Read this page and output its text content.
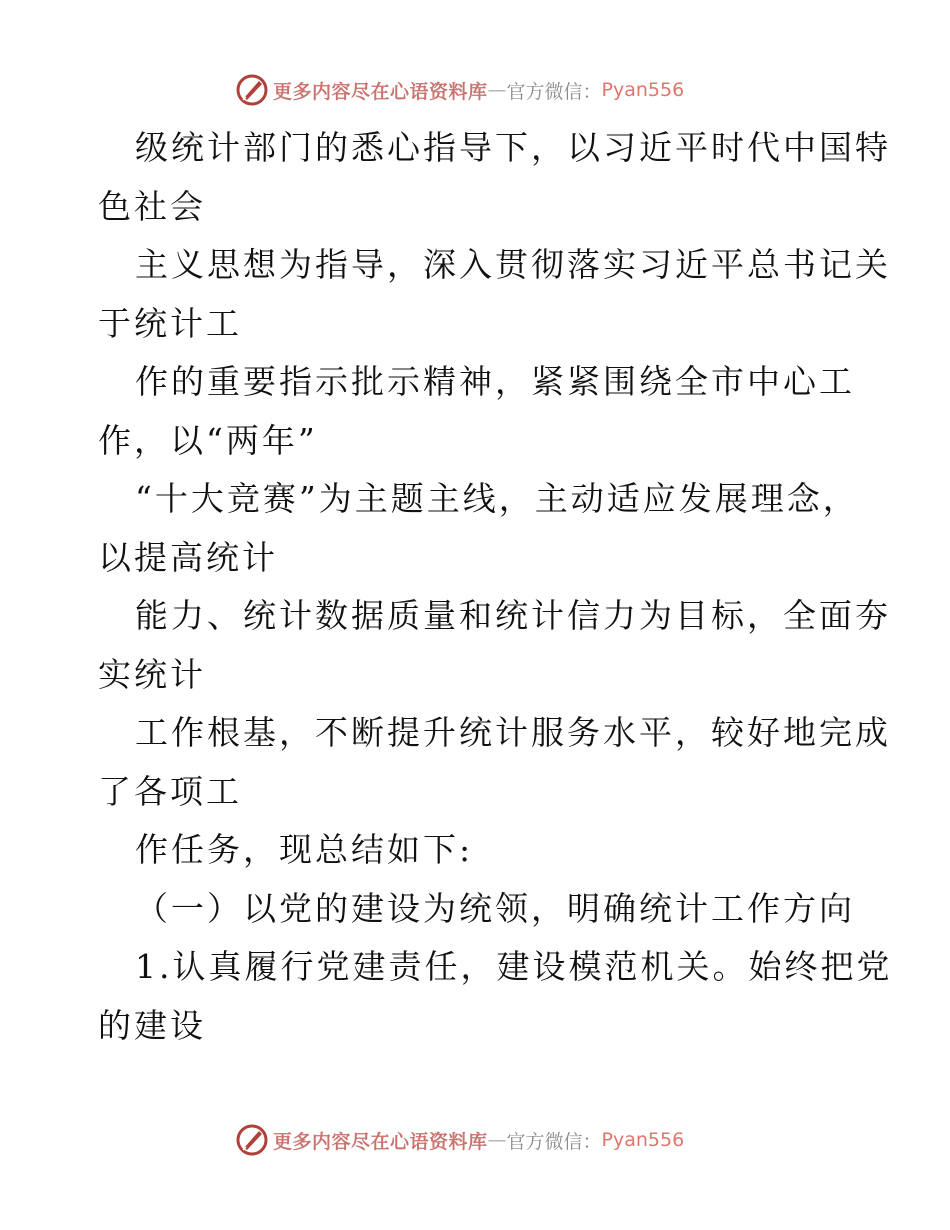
更多内容尽在心语资料库 — 官方微信： Pyan556
级统计部门的悉心指导下，以习近平时代中国特
色社会
主义思想为指导，深入贯彻落实习近平总书记关
于统计工
作的重要指示批示精神，紧紧围绕全市中心工
作，以“两年”
“十大竞赛”为主题主线，主动适应发展理念，
以提高统计
能力、统计数据质量和统计信力为目标，全面夯
实统计
工作根基，不断提升统计服务水平，较好地完成
了各项工
作任务，现总结如下:
（一）以党的建设为统领，明确统计工作方向
1.认真履行党建责任，建设模范机关。始终把党
的建设
更多内容尽在心语资料库 — 官方微信： Pyan556
